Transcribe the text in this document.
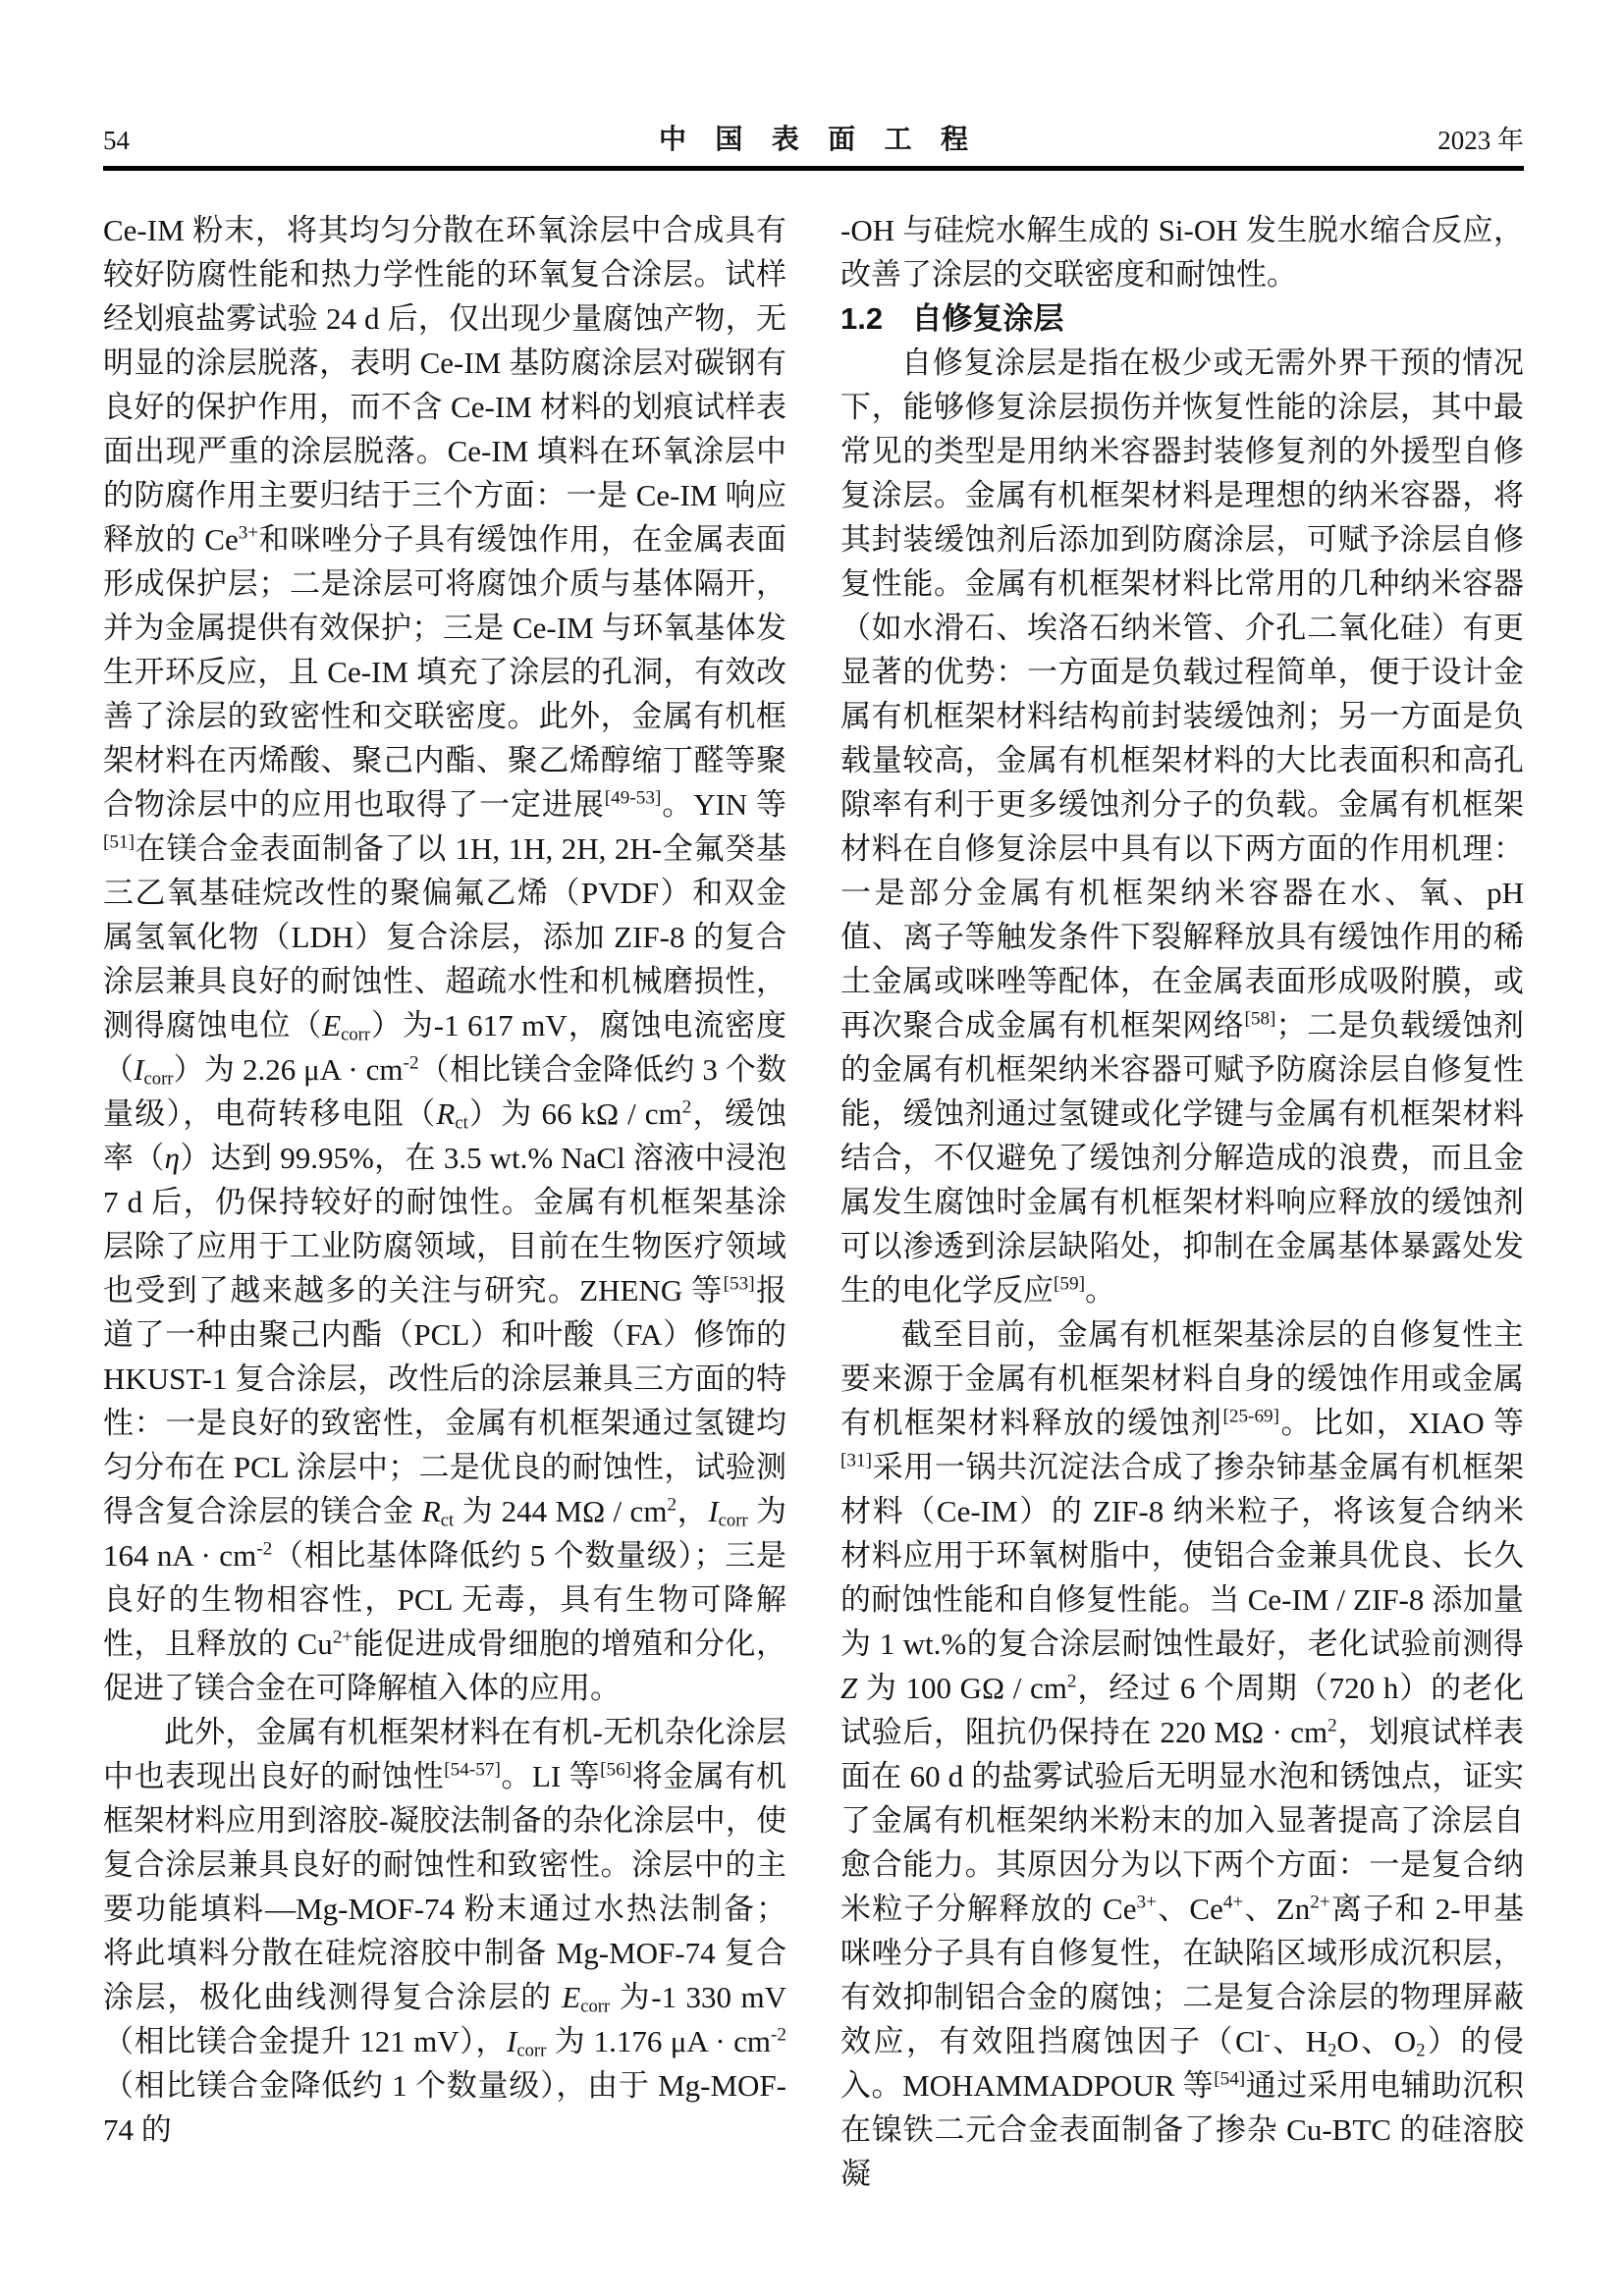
54	中国表面工程	2023 年

Ce-IM 粉末，将其均匀分散在环氧涂层中合成具有较好防腐性能和热力学性能的环氧复合涂层。试样经划痕盐雾试验 24 d 后，仅出现少量腐蚀产物，无明显的涂层脱落，表明 Ce-IM 基防腐涂层对碳钢有良好的保护作用，而不含 Ce-IM 材料的划痕试样表面出现严重的涂层脱落。Ce-IM 填料在环氧涂层中的防腐作用主要归结于三个方面：一是 Ce-IM 响应释放的 $Ce^{3+}$和咪唑分子具有缓蚀作用，在金属表面形成保护层；二是涂层可将腐蚀介质与基体隔开，并为金属提供有效保护；三是 Ce-IM 与环氧基体发生开环反应，且 Ce-IM 填充了涂层的孔洞，有效改善了涂层的致密性和交联密度。此外，金属有机框架材料在丙烯酸、聚己内酯、聚乙烯醇缩丁醛等聚合物涂层中的应用也取得了一定进展[49-53]。YIN 等[51]在镁合金表面制备了以 1H, 1H, 2H, 2H-全氟癸基三乙氧基硅烷改性的聚偏氟乙烯（PVDF）和双金属氢氧化物（LDH）复合涂层，添加 ZIF-8 的复合涂层兼具良好的耐蚀性、超疏水性和机械磨损性，测得腐蚀电位$(E_{corr})$为-1 617 mV，腐蚀电流密度$(I_{corr})$为 2.26 $\mu A \cdot cm^{-2}$（相比镁合金降低约 3 个数量级），电荷转移电阻$(R_{ct})$为 66 kΩ / $cm^2$，缓蚀率（η）达到 99.95%，在 3.5 wt.% NaCl 溶液中浸泡 7 d 后，仍保持较好的耐蚀性。金属有机框架基涂层除了应用于工业防腐领域，目前在生物医疗领域也受到了越来越多的关注与研究。ZHENG 等[53]报道了一种由聚己内酯（PCL）和叶酸（FA）修饰的 HKUST-1 复合涂层，改性后的涂层兼具三方面的特性：一是良好的致密性，金属有机框架通过氢键均匀分布在 PCL 涂层中；二是优良的耐蚀性，试验测得含复合涂层的镁合金 $R_{ct}$ 为 244 MΩ / $cm^2$，$I_{corr}$ 为 164 nA · $cm^{-2}$（相比基体降低约 5 个数量级）；三是良好的生物相容性，PCL 无毒，具有生物可降解性，且释放的 $Cu^{2+}$能促进成骨细胞的增殖和分化，促进了镁合金在可降解植入体的应用。

此外，金属有机框架材料在有机-无机杂化涂层中也表现出良好的耐蚀性[54-57]。LI 等[56]将金属有机框架材料应用到溶胶-凝胶法制备的杂化涂层中，使复合涂层兼具良好的耐蚀性和致密性。涂层中的主要功能填料—Mg-MOF-74 粉末通过水热法制备；将此填料分散在硅烷溶胶中制备 Mg-MOF-74 复合涂层，极化曲线测得复合涂层的 $E_{corr}$ 为-1 330 mV（相比镁合金提升 121 mV），$I_{corr}$ 为 1.176 $\mu A \cdot cm^{-2}$（相比镁合金降低约 1 个数量级），由于 Mg-MOF-74 的

-OH 与硅烷水解生成的 Si-OH 发生脱水缩合反应，改善了涂层的交联密度和耐蚀性。

1.2 自修复涂层

自修复涂层是指在极少或无需外界干预的情况下，能够修复涂层损伤并恢复性能的涂层，其中最常见的类型是用纳米容器封装修复剂的外援型自修复涂层。金属有机框架材料是理想的纳米容器，将其封装缓蚀剂后添加到防腐涂层，可赋予涂层自修复性能。金属有机框架材料比常用的几种纳米容器（如水滑石、埃洛石纳米管、介孔二氧化硅）有更显著的优势：一方面是负载过程简单，便于设计金属有机框架材料结构前封装缓蚀剂；另一方面是负载量较高，金属有机框架材料的大比表面积和高孔隙率有利于更多缓蚀剂分子的负载。金属有机框架材料在自修复涂层中具有以下两方面的作用机理：一是部分金属有机框架纳米容器在水、氧、pH 值、离子等触发条件下裂解释放具有缓蚀作用的稀土金属或咪唑等配体，在金属表面形成吸附膜，或再次聚合成金属有机框架网络[58]；二是负载缓蚀剂的金属有机框架纳米容器可赋予防腐涂层自修复性能，缓蚀剂通过氢键或化学键与金属有机框架材料结合，不仅避免了缓蚀剂分解造成的浪费，而且金属发生腐蚀时金属有机框架材料响应释放的缓蚀剂可以渗透到涂层缺陷处，抑制在金属基体暴露处发生的电化学反应[59]。

截至目前，金属有机框架基涂层的自修复性主要来源于金属有机框架材料自身的缓蚀作用或金属有机框架材料释放的缓蚀剂[25-69]。比如，XIAO 等[31]采用一锅共沉淀法合成了掺杂铈基金属有机框架材料（Ce-IM）的 ZIF-8 纳米粒子，将该复合纳米材料应用于环氧树脂中，使铝合金兼具优良、长久的耐蚀性能和自修复性能。当 Ce-IM / ZIF-8 添加量为 1 wt.%的复合涂层耐蚀性最好，老化试验前测得 Z 为 100 GΩ / $cm^2$，经过 6 个周期（720 h）的老化试验后，阻抗仍保持在 220 $M\Omega \cdot cm^2$，划痕试样表面在 60 d 的盐雾试验后无明显水泡和锈蚀点，证实了金属有机框架纳米粉末的加入显著提高了涂层自愈合能力。其原因分为以下两个方面：一是复合纳米粒子分解释放的 $Ce^{3+}$、$Ce^{4+}$、$Zn^{2+}$离子和 2-甲基咪唑分子具有自修复性，在缺陷区域形成沉积层，有效抑制铝合金的腐蚀；二是复合涂层的物理屏蔽效应，有效阻挡腐蚀因子（Cl-、$H_2O$、$O_2$）的侵入。MOHAMMADPOUR 等[54]通过采用电辅助沉积在镍铁二元合金表面制备了掺杂 Cu-BTC 的硅溶胶凝
